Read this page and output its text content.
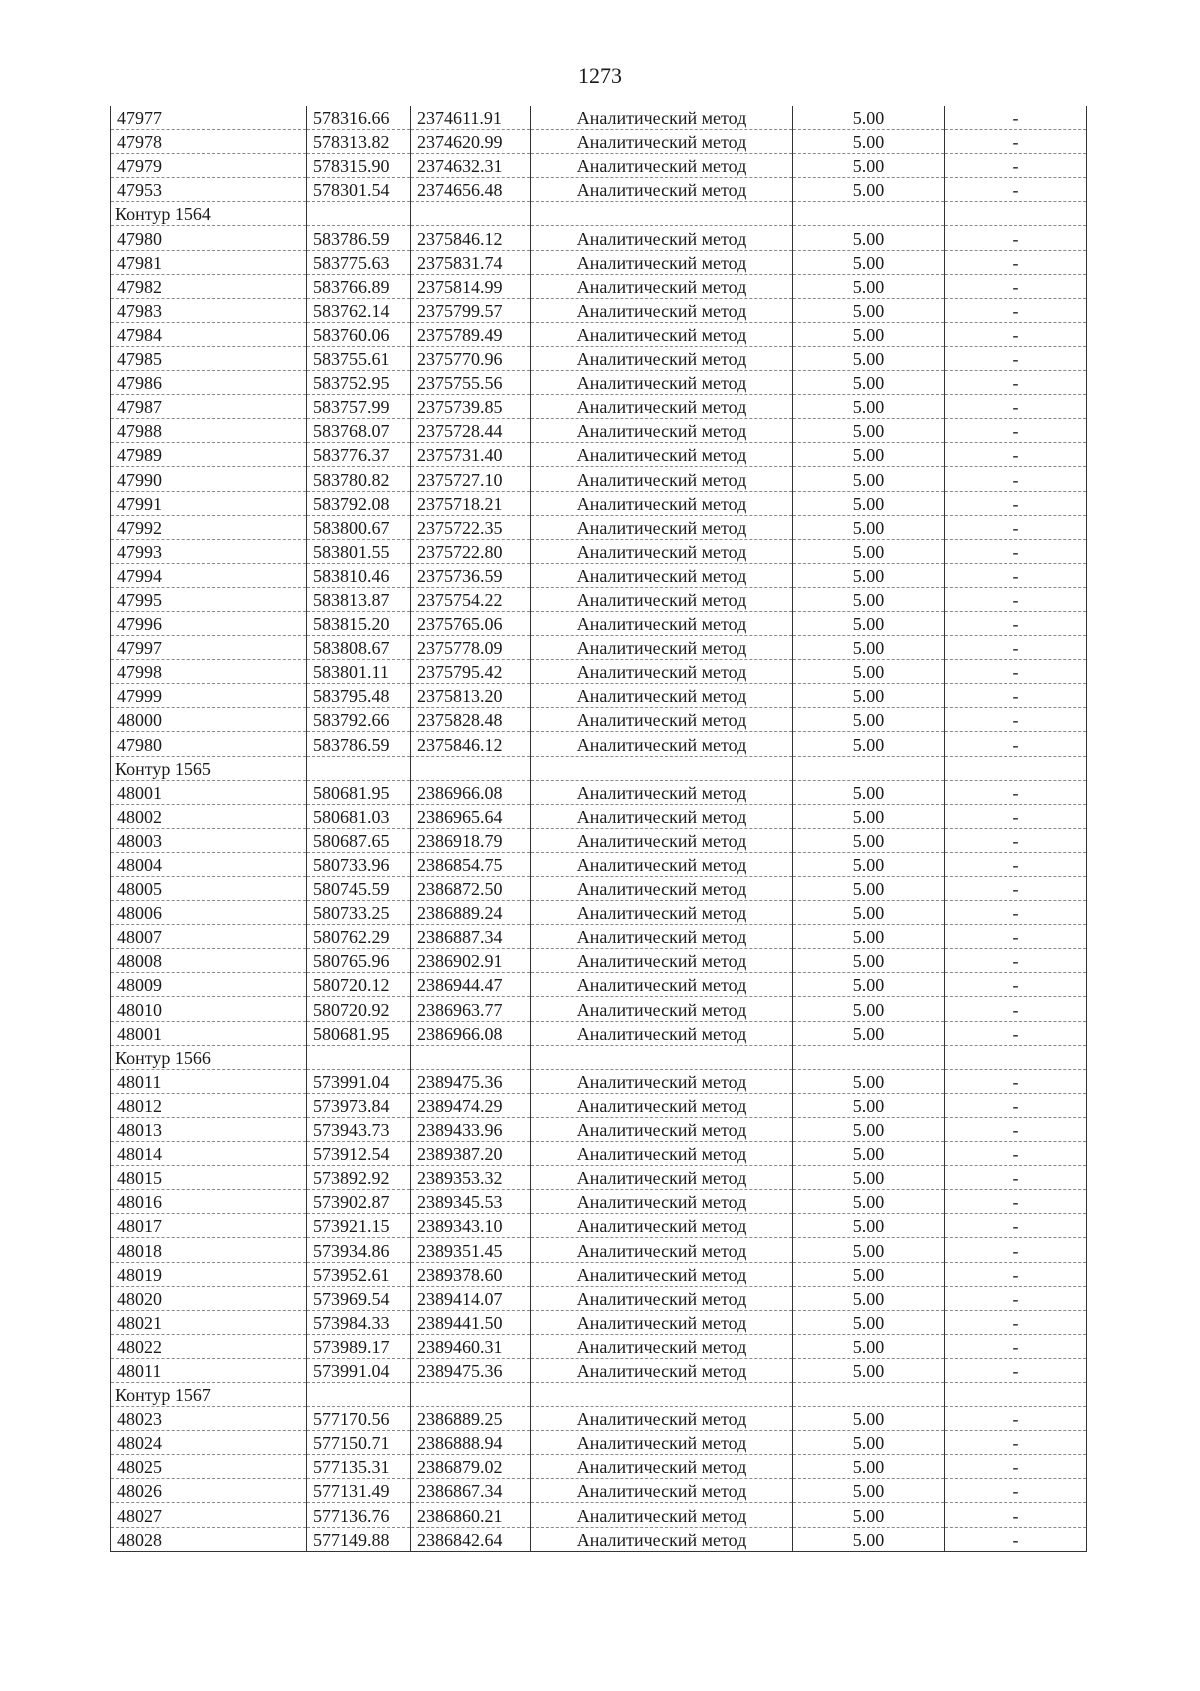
1273
47977	578316.66	2374611.91	Аналитический метод	5.00	-
47978	578313.82	2374620.99	Аналитический метод	5.00	-
47979	578315.90	2374632.31	Аналитический метод	5.00	-
47953	578301.54	2374656.48	Аналитический метод	5.00	-
Контур 1564					
47980	583786.59	2375846.12	Аналитический метод	5.00	-
47981	583775.63	2375831.74	Аналитический метод	5.00	-
47982	583766.89	2375814.99	Аналитический метод	5.00	-
47983	583762.14	2375799.57	Аналитический метод	5.00	-
47984	583760.06	2375789.49	Аналитический метод	5.00	-
47985	583755.61	2375770.96	Аналитический метод	5.00	-
47986	583752.95	2375755.56	Аналитический метод	5.00	-
47987	583757.99	2375739.85	Аналитический метод	5.00	-
47988	583768.07	2375728.44	Аналитический метод	5.00	-
47989	583776.37	2375731.40	Аналитический метод	5.00	-
47990	583780.82	2375727.10	Аналитический метод	5.00	-
47991	583792.08	2375718.21	Аналитический метод	5.00	-
47992	583800.67	2375722.35	Аналитический метод	5.00	-
47993	583801.55	2375722.80	Аналитический метод	5.00	-
47994	583810.46	2375736.59	Аналитический метод	5.00	-
47995	583813.87	2375754.22	Аналитический метод	5.00	-
47996	583815.20	2375765.06	Аналитический метод	5.00	-
47997	583808.67	2375778.09	Аналитический метод	5.00	-
47998	583801.11	2375795.42	Аналитический метод	5.00	-
47999	583795.48	2375813.20	Аналитический метод	5.00	-
48000	583792.66	2375828.48	Аналитический метод	5.00	-
47980	583786.59	2375846.12	Аналитический метод	5.00	-
Контур 1565					
48001	580681.95	2386966.08	Аналитический метод	5.00	-
48002	580681.03	2386965.64	Аналитический метод	5.00	-
48003	580687.65	2386918.79	Аналитический метод	5.00	-
48004	580733.96	2386854.75	Аналитический метод	5.00	-
48005	580745.59	2386872.50	Аналитический метод	5.00	-
48006	580733.25	2386889.24	Аналитический метод	5.00	-
48007	580762.29	2386887.34	Аналитический метод	5.00	-
48008	580765.96	2386902.91	Аналитический метод	5.00	-
48009	580720.12	2386944.47	Аналитический метод	5.00	-
48010	580720.92	2386963.77	Аналитический метод	5.00	-
48001	580681.95	2386966.08	Аналитический метод	5.00	-
Контур 1566					
48011	573991.04	2389475.36	Аналитический метод	5.00	-
48012	573973.84	2389474.29	Аналитический метод	5.00	-
48013	573943.73	2389433.96	Аналитический метод	5.00	-
48014	573912.54	2389387.20	Аналитический метод	5.00	-
48015	573892.92	2389353.32	Аналитический метод	5.00	-
48016	573902.87	2389345.53	Аналитический метод	5.00	-
48017	573921.15	2389343.10	Аналитический метод	5.00	-
48018	573934.86	2389351.45	Аналитический метод	5.00	-
48019	573952.61	2389378.60	Аналитический метод	5.00	-
48020	573969.54	2389414.07	Аналитический метод	5.00	-
48021	573984.33	2389441.50	Аналитический метод	5.00	-
48022	573989.17	2389460.31	Аналитический метод	5.00	-
48011	573991.04	2389475.36	Аналитический метод	5.00	-
Контур 1567					
48023	577170.56	2386889.25	Аналитический метод	5.00	-
48024	577150.71	2386888.94	Аналитический метод	5.00	-
48025	577135.31	2386879.02	Аналитический метод	5.00	-
48026	577131.49	2386867.34	Аналитический метод	5.00	-
48027	577136.76	2386860.21	Аналитический метод	5.00	-
48028	577149.88	2386842.64	Аналитический метод	5.00	-
